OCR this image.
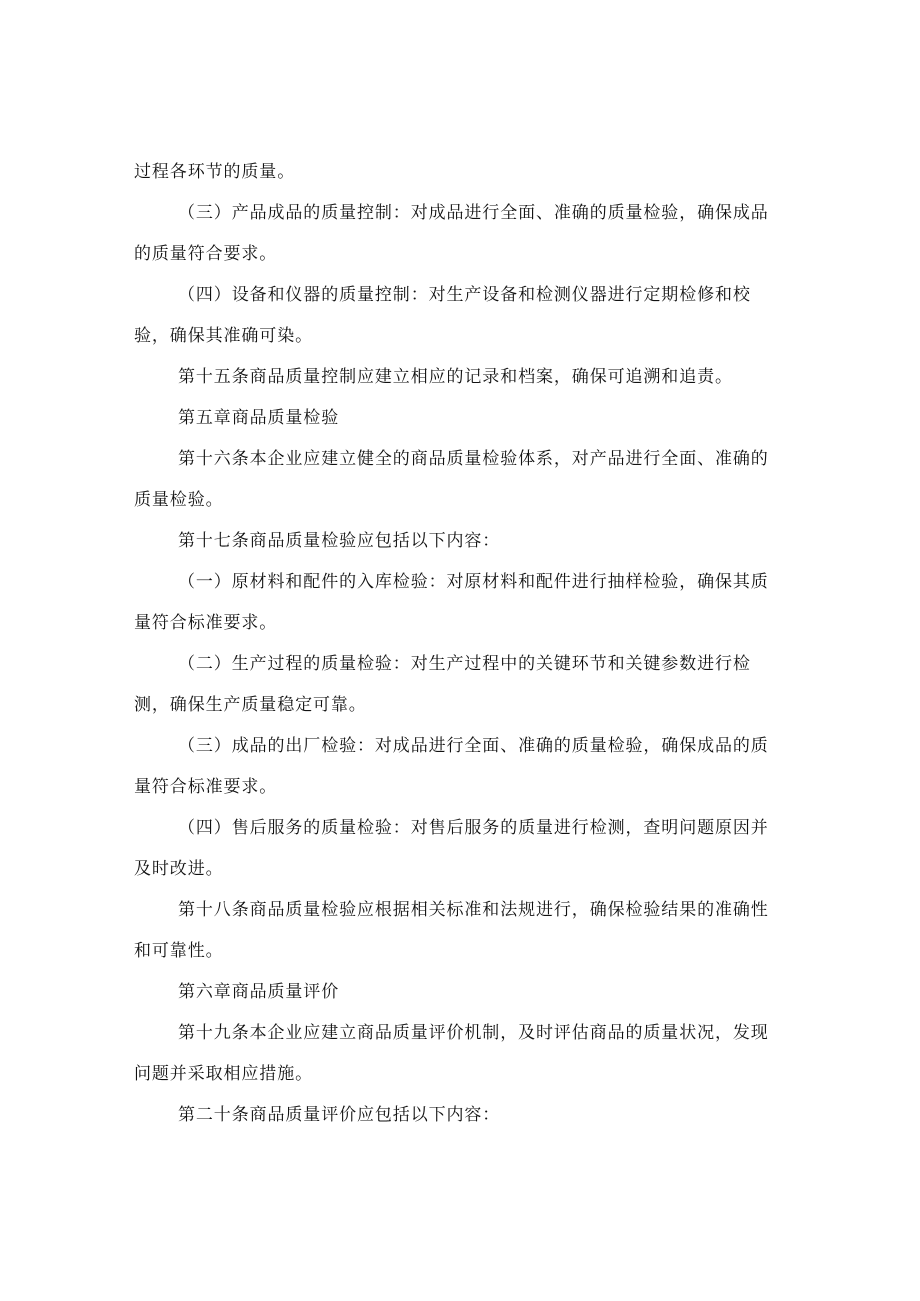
过程各环节的质量。

（三）产品成品的质量控制：对成品进行全面、准确的质量检验，确保成品的质量符合要求。

（四）设备和仪器的质量控制：对生产设备和检测仪器进行定期检修和校验，确保其准确可染。

第十五条商品质量控制应建立相应的记录和档案，确保可追溯和追责。

第五章商品质量检验

第十六条本企业应建立健全的商品质量检验体系，对产品进行全面、准确的质量检验。

第十七条商品质量检验应包括以下内容：

（一）原材料和配件的入库检验：对原材料和配件进行抽样检验，确保其质量符合标准要求。

（二）生产过程的质量检验：对生产过程中的关键环节和关键参数进行检测，确保生产质量稳定可靠。

（三）成品的出厂检验：对成品进行全面、准确的质量检验，确保成品的质量符合标准要求。

（四）售后服务的质量检验：对售后服务的质量进行检测，查明问题原因并及时改进。

第十八条商品质量检验应根据相关标准和法规进行，确保检验结果的准确性和可靠性。

第六章商品质量评价

第十九条本企业应建立商品质量评价机制，及时评估商品的质量状况，发现问题并采取相应措施。

第二十条商品质量评价应包括以下内容：
